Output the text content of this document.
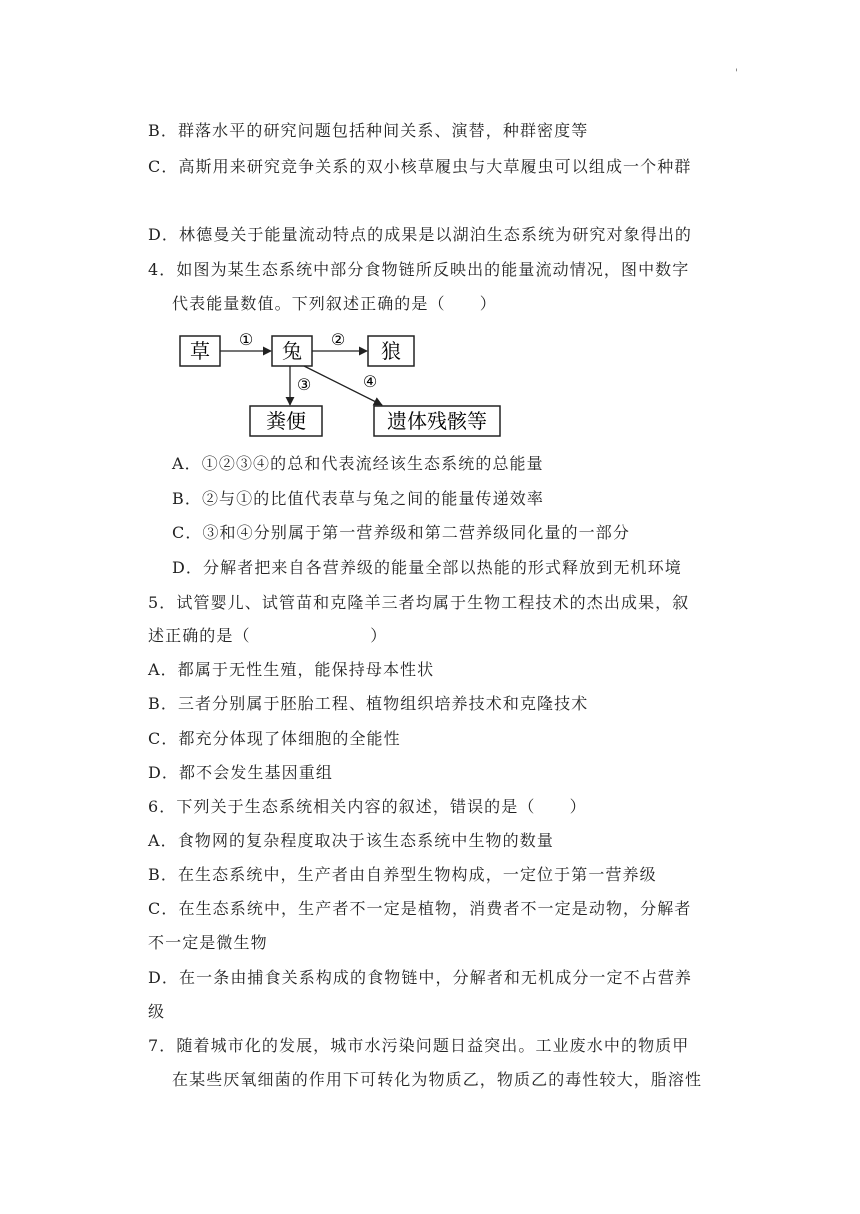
'
B．群落水平的研究问题包括种间关系、演替，种群密度等
C．高斯用来研究竞争关系的双小核草履虫与大草履虫可以组成一个种群
D．林德曼关于能量流动特点的成果是以湖泊生态系统为研究对象得出的
4．如图为某生态系统中部分食物链所反映出的能量流动情况，图中数字
代表能量数值。下列叙述正确的是（　　）
草	兔	狼
粪便	遗体残骸等
①	②
③	④
A．①②③④的总和代表流经该生态系统的总能量
B．②与①的比值代表草与兔之间的能量传递效率
C．③和④分别属于第一营养级和第二营养级同化量的一部分
D．分解者把来自各营养级的能量全部以热能的形式释放到无机环境
5．试管婴儿、试管苗和克隆羊三者均属于生物工程技术的杰出成果，叙
述正确的是（　　　　　　　）
A．都属于无性生殖，能保持母本性状
B．三者分别属于胚胎工程、植物组织培养技术和克隆技术
C．都充分体现了体细胞的全能性
D．都不会发生基因重组
6．下列关于生态系统相关内容的叙述，错误的是（　　）
A．食物网的复杂程度取决于该生态系统中生物的数量
B．在生态系统中，生产者由自养型生物构成，一定位于第一营养级
C．在生态系统中，生产者不一定是植物，消费者不一定是动物，分解者
不一定是微生物
D．在一条由捕食关系构成的食物链中，分解者和无机成分一定不占营养
级
7．随着城市化的发展，城市水污染问题日益突出。工业废水中的物质甲
在某些厌氧细菌的作用下可转化为物质乙，物质乙的毒性较大，脂溶性
